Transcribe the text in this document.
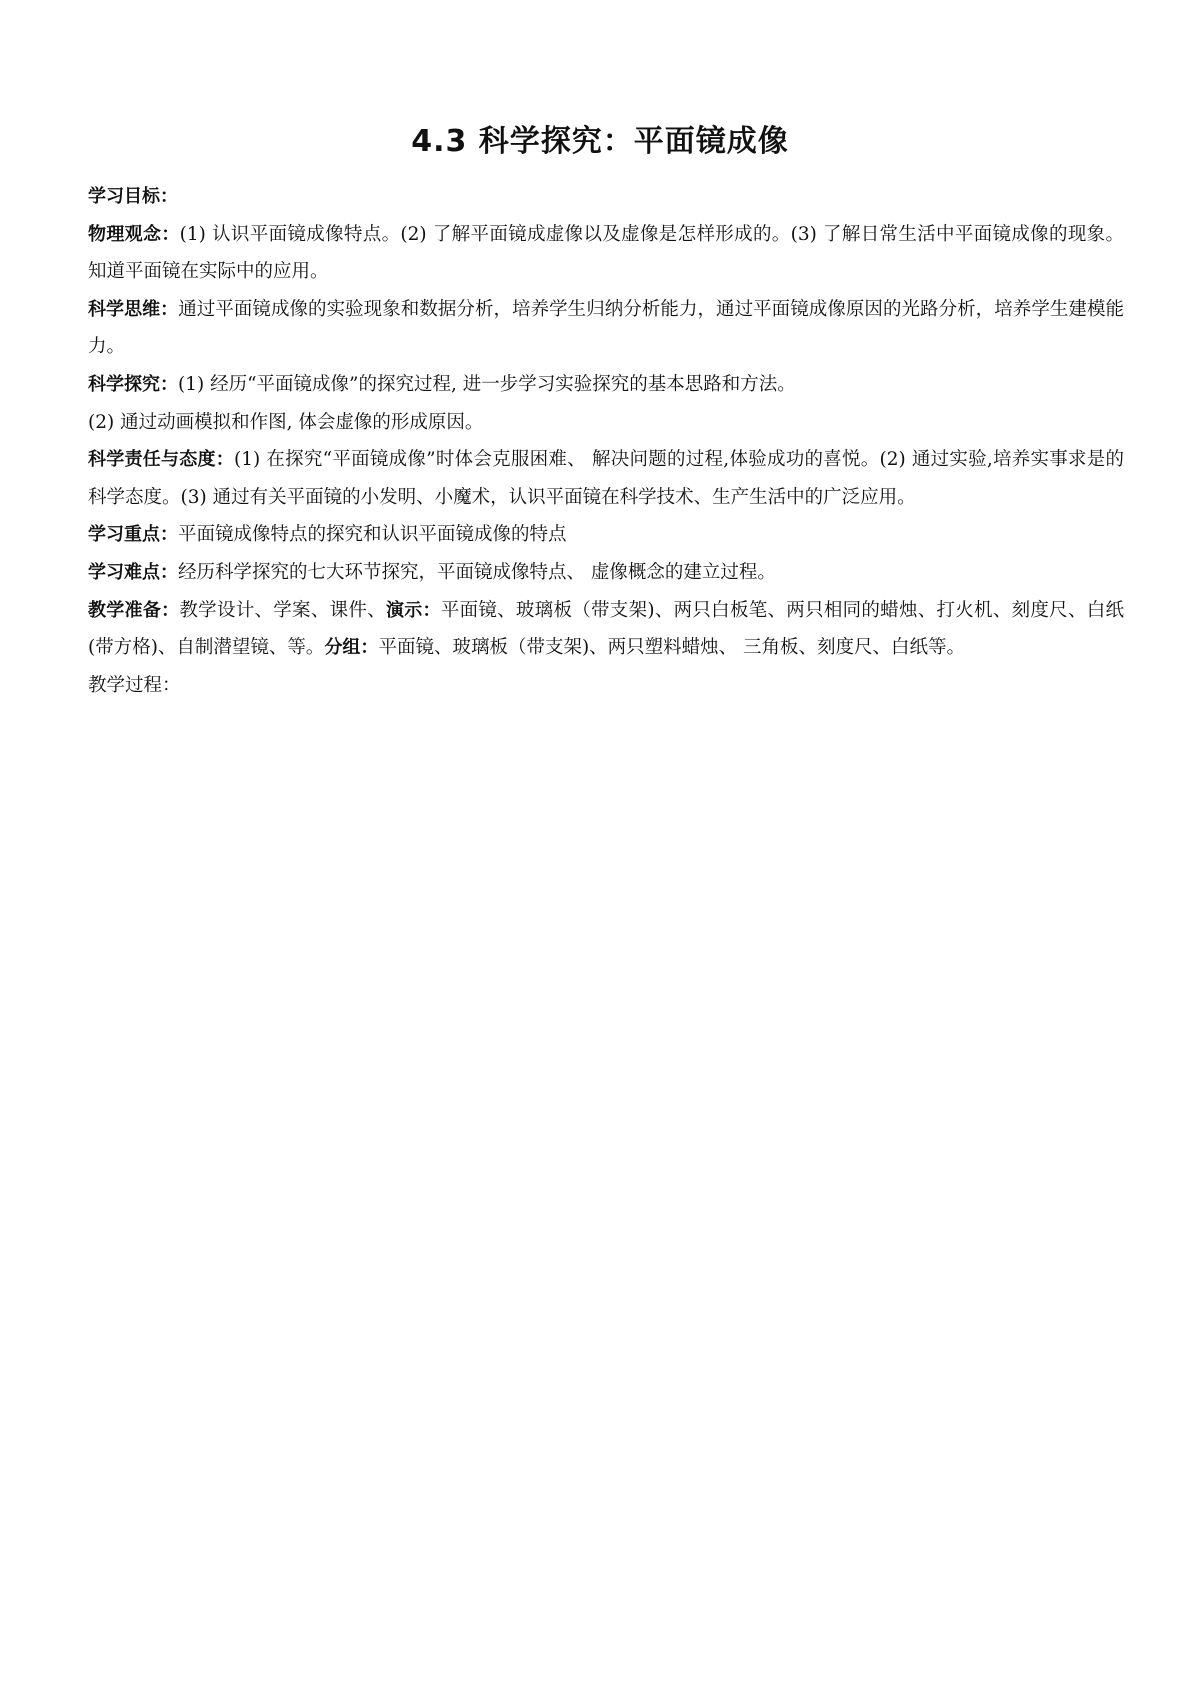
4.3 科学探究：平面镜成像

学习目标：

物理观念：(1) 认识平面镜成像特点。(2) 了解平面镜成虚像以及虚像是怎样形成的。(3) 了解日常生活中平面镜成像的现象。知道平面镜在实际中的应用。

科学思维：通过平面镜成像的实验现象和数据分析，培养学生归纳分析能力，通过平面镜成像原因的光路分析，培养学生建模能力。

科学探究：(1) 经历“平面镜成像”的探究过程, 进一步学习实验探究的基本思路和方法。

(2) 通过动画模拟和作图, 体会虚像的形成原因。

科学责任与态度：(1) 在探究“平面镜成像”时体会克服困难、 解决问题的过程,体验成功的喜悦。(2) 通过实验,培养实事求是的科学态度。(3) 通过有关平面镜的小发明、小魔术，认识平面镜在科学技术、生产生活中的广泛应用。

学习重点：平面镜成像特点的探究和认识平面镜成像的特点

学习难点：经历科学探究的七大环节探究，平面镜成像特点、 虚像概念的建立过程。

教学准备：教学设计、学案、课件、演示：平面镜、玻璃板（带支架)、两只白板笔、两只相同的蜡烛、打火机、刻度尺、白纸(带方格)、自制潜望镜、等。分组：平面镜、玻璃板（带支架)、两只塑料蜡烛、 三角板、刻度尺、白纸等。

教学过程：
